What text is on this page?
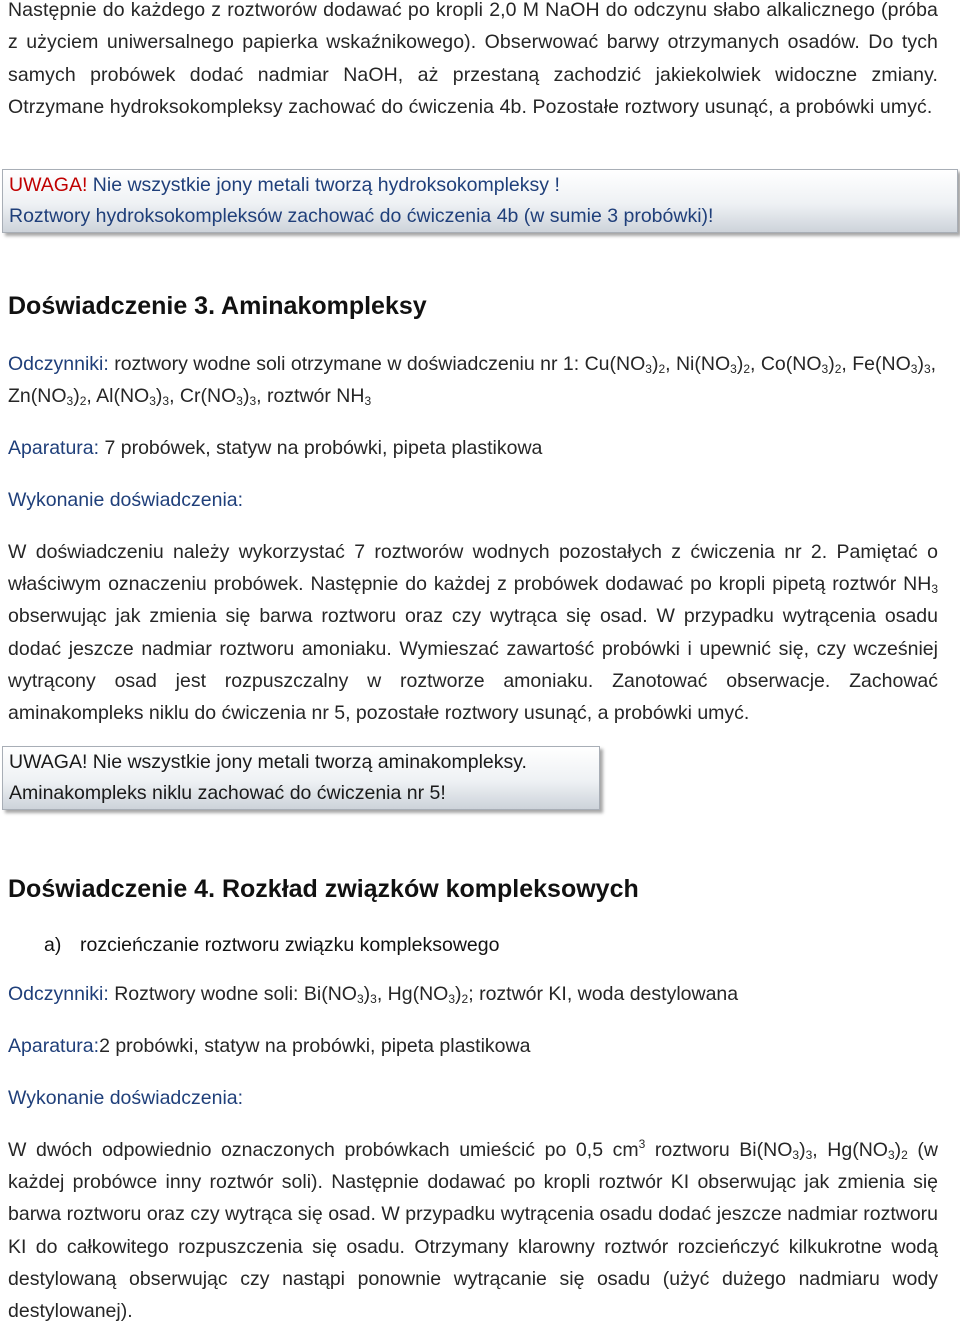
Następnie do każdego z roztworów dodawać po kropli 2,0 M NaOH do odczynu słabo alkalicznego (próba z użyciem uniwersalnego papierka wskaźnikowego). Obserwować barwy otrzymanych osadów. Do tych samych probówek dodać nadmiar NaOH, aż przestaną zachodzić jakiekolwiek widoczne zmiany. Otrzymane hydroksokompleksy zachować do ćwiczenia 4b. Pozostałe roztwory usunąć, a probówki umyć.
UWAGA! Nie wszystkie jony metali tworzą hydroksokompleksy !
Roztwory hydroksokompleksów zachować do ćwiczenia 4b (w sumie 3 probówki)!
Doświadczenie 3. Aminakompleksy
Odczynniki: roztwory wodne soli otrzymane w doświadczeniu nr 1: $Cu(NO_3)_2$, $Ni(NO_3)_2$, $Co(NO_3)_2$, $Fe(NO_3)_3$, $Zn(NO_3)_2$, $Al(NO_3)_3$, $Cr(NO_3)_3$, roztwór $NH_3$
Aparatura: 7 probówek, statyw na probówki, pipeta plastikowa
Wykonanie doświadczenia:
W doświadczeniu należy wykorzystać 7 roztworów wodnych pozostałych z ćwiczenia nr 2. Pamiętać o właściwym oznaczeniu probówek. Następnie do każdej z probówek dodawać po kropli pipetą roztwór $NH_3$ obserwując jak zmienia się barwa roztworu oraz czy wytrąca się osad. W przypadku wytrącenia osadu dodać jeszcze nadmiar roztworu amoniaku. Wymieszać zawartość probówki i upewnić się, czy wcześniej wytrącony osad jest rozpuszczalny w roztworze amoniaku. Zanotować obserwacje. Zachować aminakompleks niklu do ćwiczenia nr 5, pozostałe roztwory usunąć, a probówki umyć.
UWAGA! Nie wszystkie jony metali tworzą aminakompleksy.
Aminakompleks niklu zachować do ćwiczenia nr 5!
Doświadczenie 4. Rozkład związków kompleksowych
a) rozcieńczanie roztworu związku kompleksowego
Odczynniki: Roztwory wodne soli: $Bi(NO_3)_3$, $Hg(NO_3)_2$; roztwór KI, woda destylowana
Aparatura:2 probówki, statyw na probówki, pipeta plastikowa
Wykonanie doświadczenia:
W dwóch odpowiednio oznaczonych probówkach umieścić po 0,5 $cm^3$ roztworu $Bi(NO_3)_3$, $Hg(NO_3)_2$ (w każdej probówce inny roztwór soli). Następnie dodawać po kropli roztwór KI obserwując jak zmienia się barwa roztworu oraz czy wytrąca się osad. W przypadku wytrącenia osadu dodać jeszcze nadmiar roztworu KI do całkowitego rozpuszczenia się osadu. Otrzymany klarowny roztwór rozcieńczyć kilkukrotne wodą destylowaną obserwując czy nastąpi ponownie wytrącanie się osadu (użyć dużego nadmiaru wody destylowanej).
